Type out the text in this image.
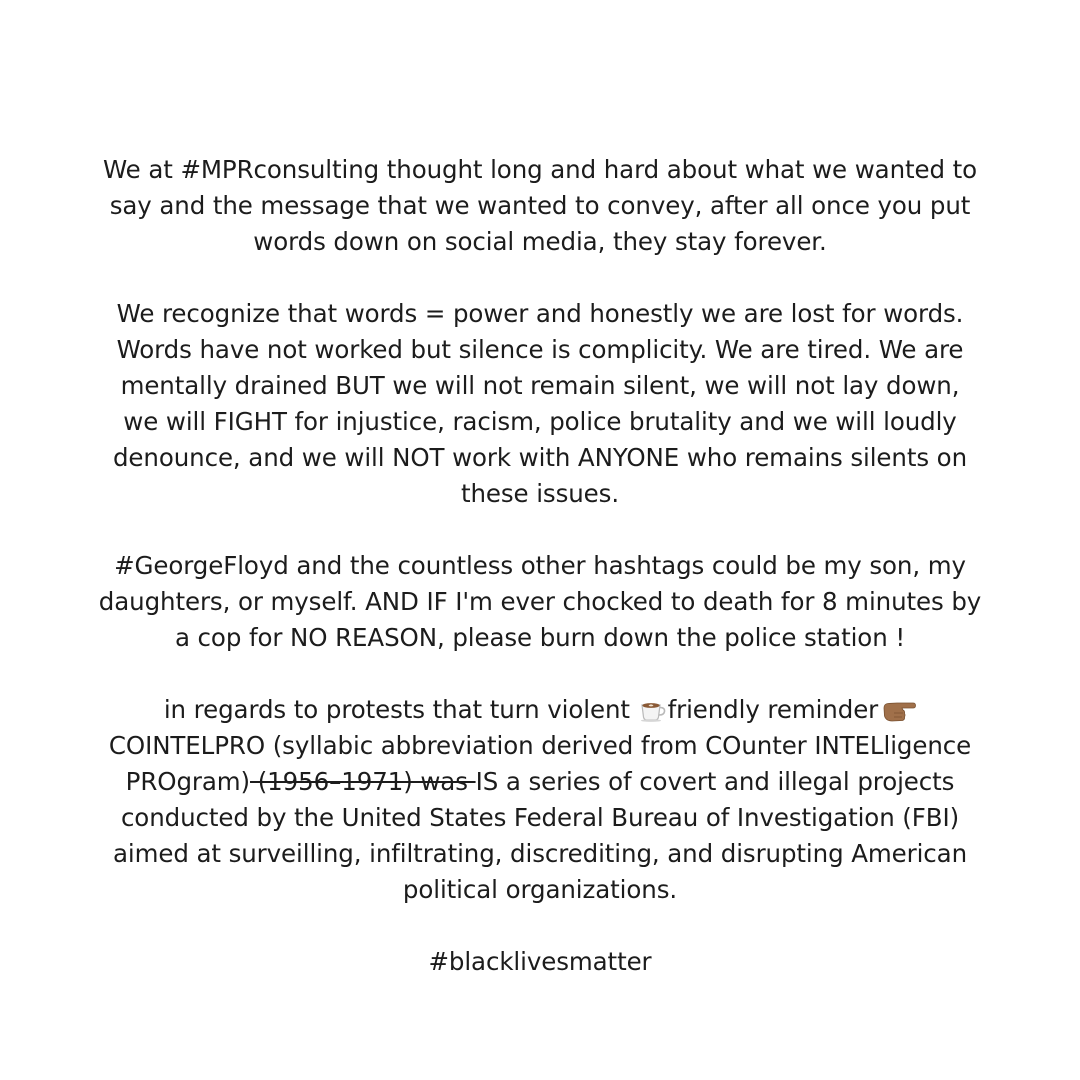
We at #MPRconsulting thought long and hard about what we wanted to
say and the message that we wanted to convey, after all once you put
words down on social media, they stay forever.

We recognize that words = power and honestly we are lost for words.
Words have not worked but silence is complicity. We are tired. We are
mentally drained BUT we will not remain silent, we will not lay down,
we will FIGHT for injustice, racism, police brutality and we will loudly
denounce, and we will NOT work with ANYONE who remains silents on
these issues.

#GeorgeFloyd and the countless other hashtags could be my son, my
daughters, or myself. AND IF I'm ever chocked to death for 8 minutes by
a cop for NO REASON, please burn down the police station !

in regards to protests that turn violent friendly reminder
COINTELPRO (syllabic abbreviation derived from COunter INTELligence
PROgram) (1956–1971) was IS a series of covert and illegal projects
conducted by the United States Federal Bureau of Investigation (FBI)
aimed at surveilling, infiltrating, discrediting, and disrupting American
political organizations.

#blacklivesmatter
